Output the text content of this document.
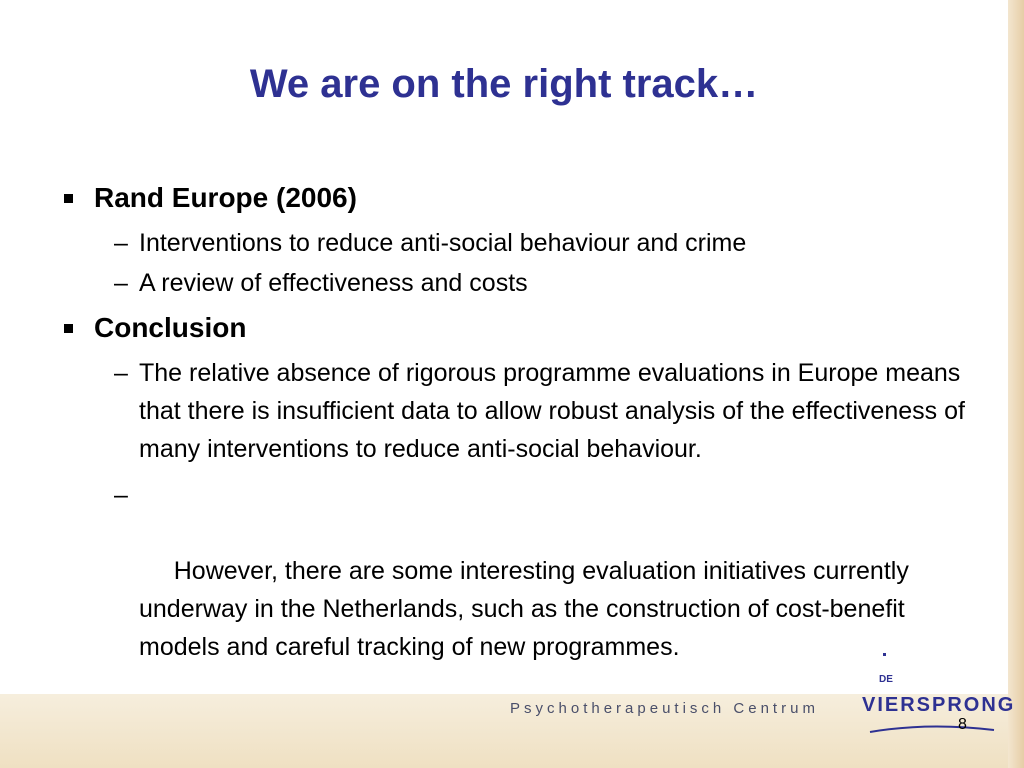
We are on the right track…
Rand Europe (2006)
– Interventions to reduce anti-social behaviour and crime
– A review of effectiveness and costs
Conclusion
– The relative absence of rigorous programme evaluations in Europe means that there is insufficient data to allow robust analysis of the effectiveness of many interventions to reduce anti-social behaviour.

–

However, there are some interesting evaluation initiatives currently underway in the Netherlands, such as the construction of cost-benefit models and careful tracking of new programmes.

Psychotherapeutisch Centrum
DE
VIERSPRONG
8
